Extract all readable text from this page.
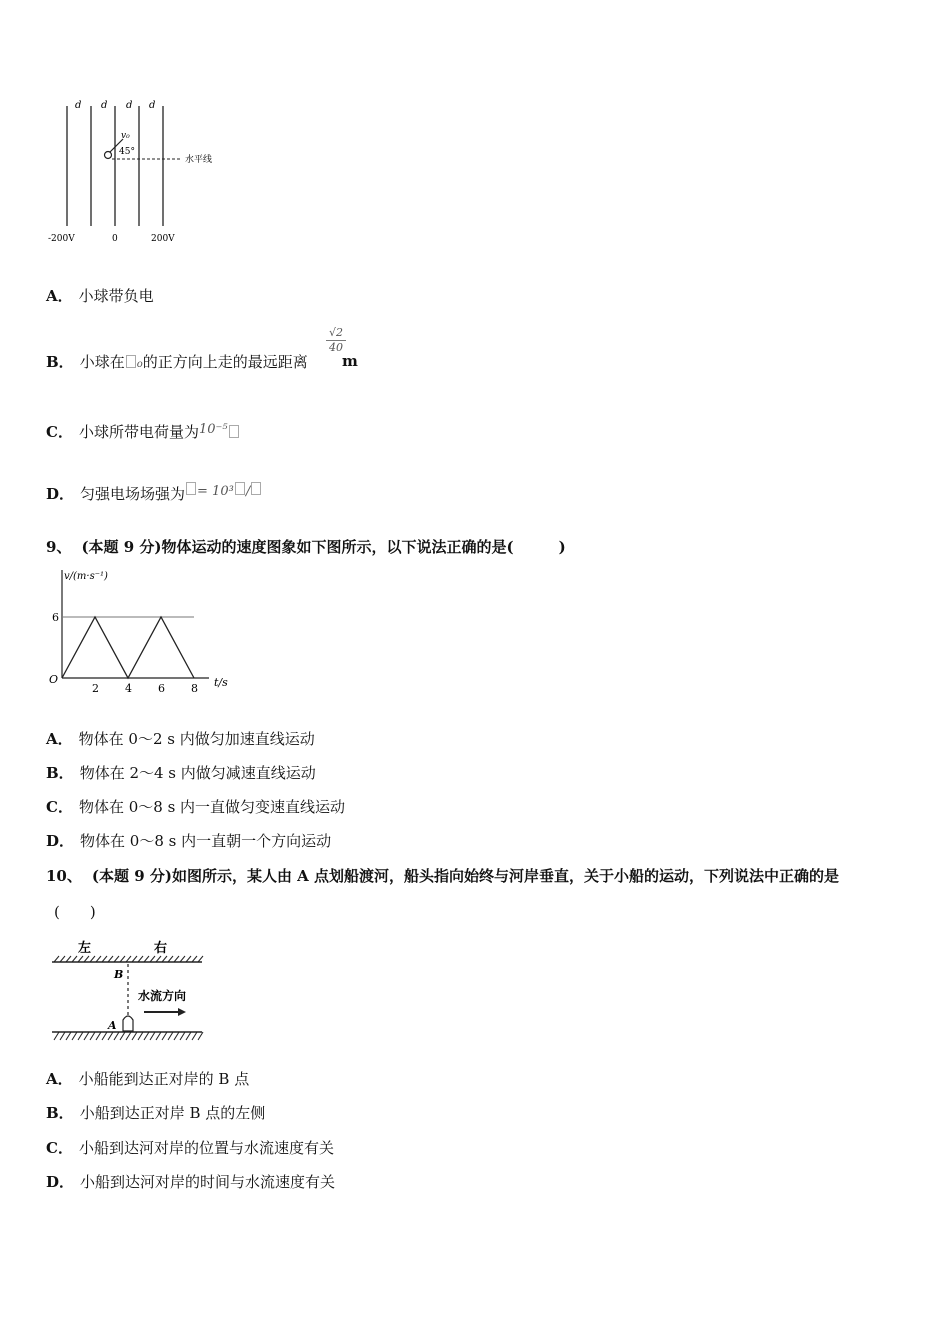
d d d d
v₀
45°
水平线
-200V	0	200V
A． 小球带负电
B． 小球在 o的正方向上走的最远距离
$\frac{√2}{40}$
m
C． 小球所带电荷量为10⁻⁵
D． 匀强电场场强为 = 10³ /
9、 (本题 9 分)物体运动的速度图象如下图所示，以下说法正确的是(　　　)
v/(m·s⁻¹)
t/s
O
2 4 6 8
6
A． 物体在 0～2 s 内做匀加速直线运动
B． 物体在 2～4 s 内做匀减速直线运动
C． 物体在 0～8 s 内一直做匀变速直线运动
D． 物体在 0～8 s 内一直朝一个方向运动
10、 (本题 9 分)如图所示，某人由 A 点划船渡河，船头指向始终与河岸垂直，关于小船的运动，下列说法中正确的是
(　　)
左	右
B
水流方向
A
A． 小船能到达正对岸的 B 点
B． 小船到达正对岸 B 点的左侧
C． 小船到达河对岸的位置与水流速度有关
D． 小船到达河对岸的时间与水流速度有关
